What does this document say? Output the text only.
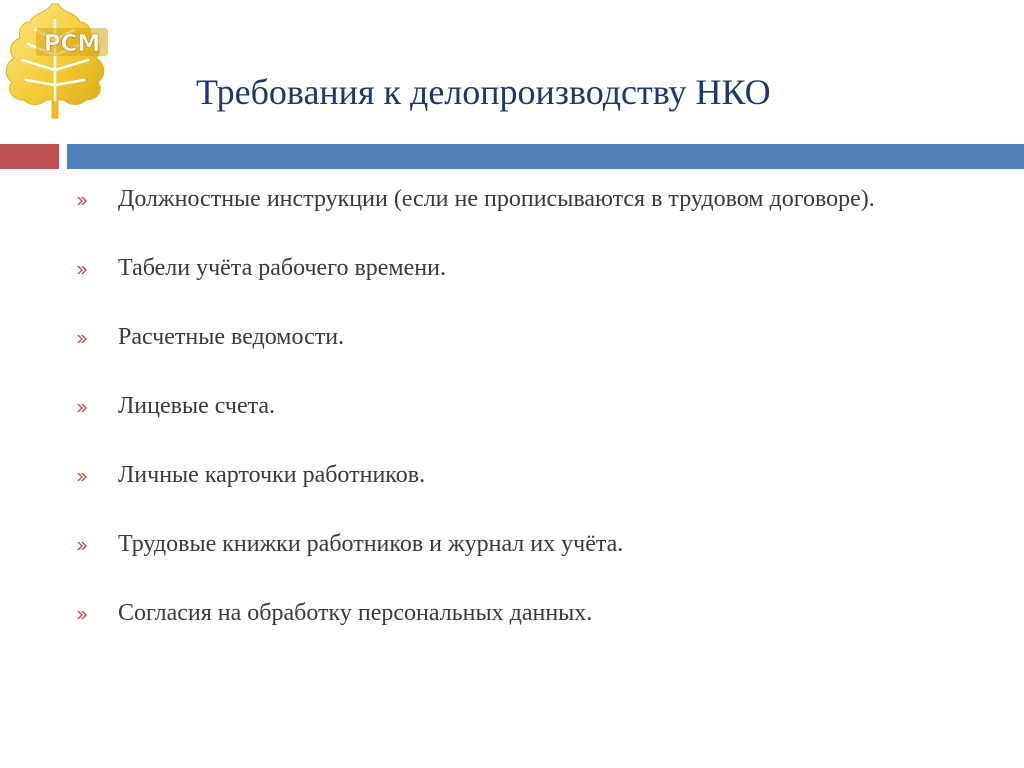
РСМ
Требования к делопроизводству НКО
Должностные инструкции (если не прописываются в трудовом договоре).
Табели учёта рабочего времени.
Расчетные ведомости.
Лицевые счета.
Личные карточки работников.
Трудовые книжки работников и журнал их учёта.
Согласия на обработку персональных данных.
